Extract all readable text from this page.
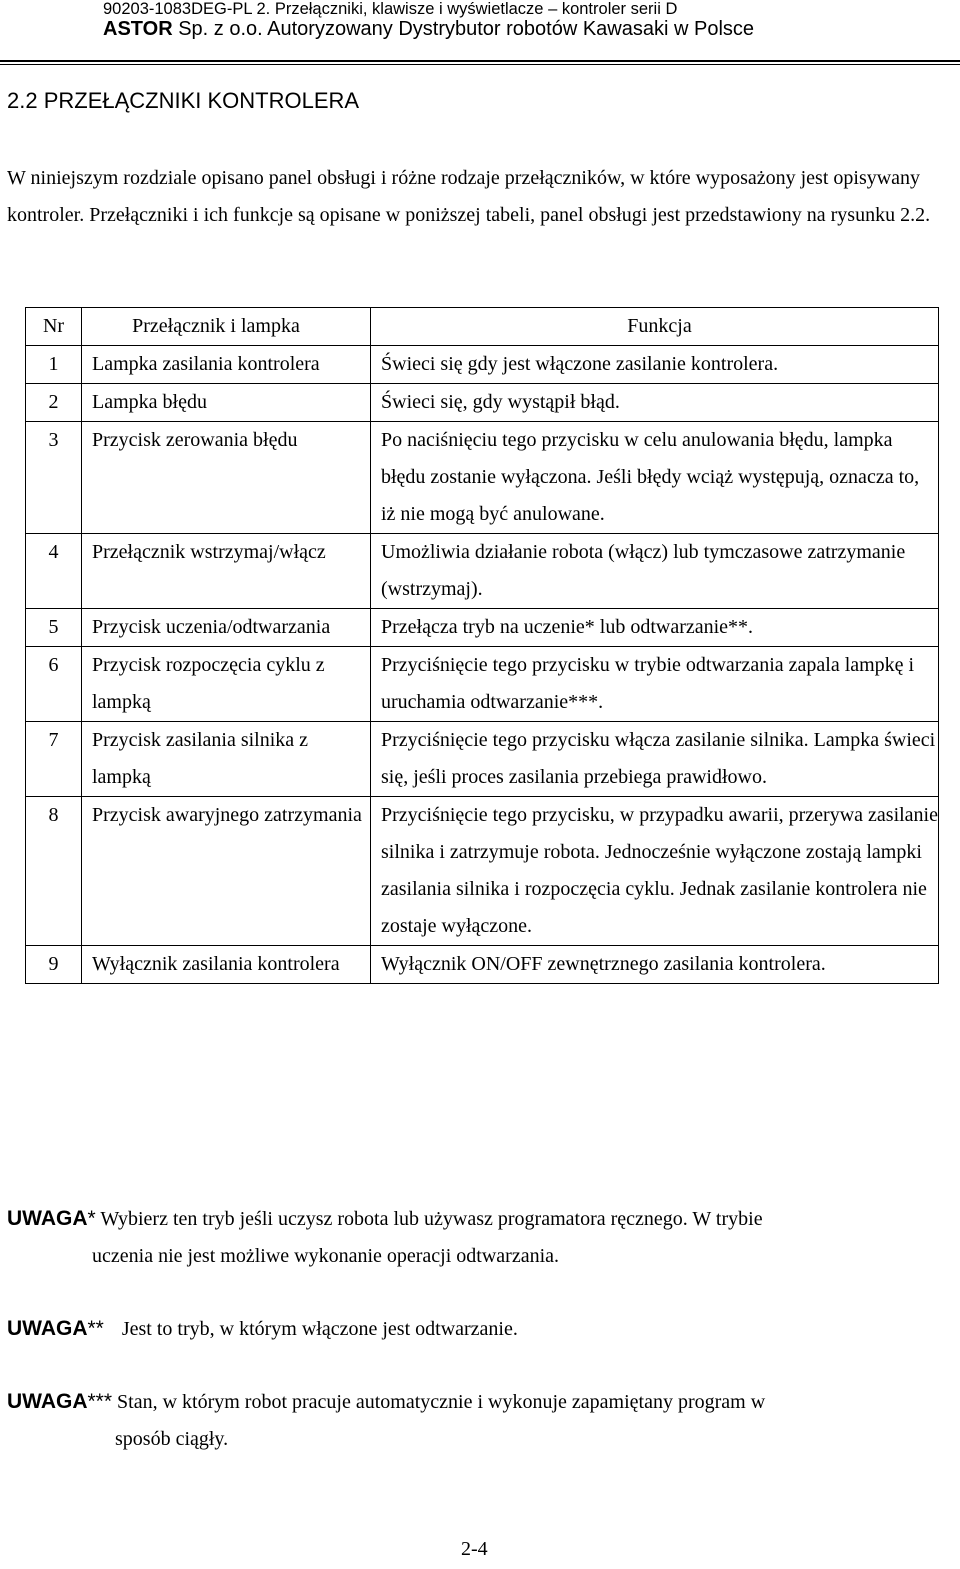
90203-1083DEG-PL 2. Przełączniki, klawisze i wyświetlacze – kontroler serii D
ASTOR Sp. z o.o. Autoryzowany Dystrybutor robotów Kawasaki w Polsce
2.2 PRZEŁĄCZNIKI KONTROLERA

W niniejszym rozdziale opisano panel obsługi i różne rodzaje przełączników, w które wyposażony jest opisywany kontroler. Przełączniki i ich funkcje są opisane w poniższej tabeli, panel obsługi jest przedstawiony na rysunku 2.2.

Nr	Przełącznik i lampka	Funkcja
1	Lampka zasilania kontrolera	Świeci się gdy jest włączone zasilanie kontrolera.
2	Lampka błędu	Świeci się, gdy wystąpił błąd.
3	Przycisk zerowania błędu	Po naciśnięciu tego przycisku w celu anulowania błędu, lampka błędu zostanie wyłączona. Jeśli błędy wciąż występują, oznacza to, iż nie mogą być anulowane.
4	Przełącznik wstrzymaj/włącz	Umożliwia działanie robota (włącz) lub tymczasowe zatrzymanie (wstrzymaj).
5	Przycisk uczenia/odtwarzania	Przełącza tryb na uczenie* lub odtwarzanie**.
6	Przycisk rozpoczęcia cyklu z lampką	Przyciśnięcie tego przycisku w trybie odtwarzania zapala lampkę i uruchamia odtwarzanie***.
7	Przycisk zasilania silnika z lampką	Przyciśnięcie tego przycisku włącza zasilanie silnika. Lampka świeci się, jeśli proces zasilania przebiega prawidłowo.
8	Przycisk awaryjnego zatrzymania	Przyciśnięcie tego przycisku, w przypadku awarii, przerywa zasilanie silnika i zatrzymuje robota. Jednocześnie wyłączone zostają lampki zasilania silnika i rozpoczęcia cyklu. Jednak zasilanie kontrolera nie zostaje wyłączone.
9	Wyłącznik zasilania kontrolera	Wyłącznik ON/OFF zewnętrznego zasilania kontrolera.
UWAGA* Wybierz ten tryb jeśli uczysz robota lub używasz programatora ręcznego. W trybie
uczenia nie jest możliwe wykonanie operacji odtwarzania.
UWAGA** Jest to tryb, w którym włączone jest odtwarzanie.
UWAGA*** Stan, w którym robot pracuje automatycznie i wykonuje zapamiętany program w
sposób ciągły.
2-4
